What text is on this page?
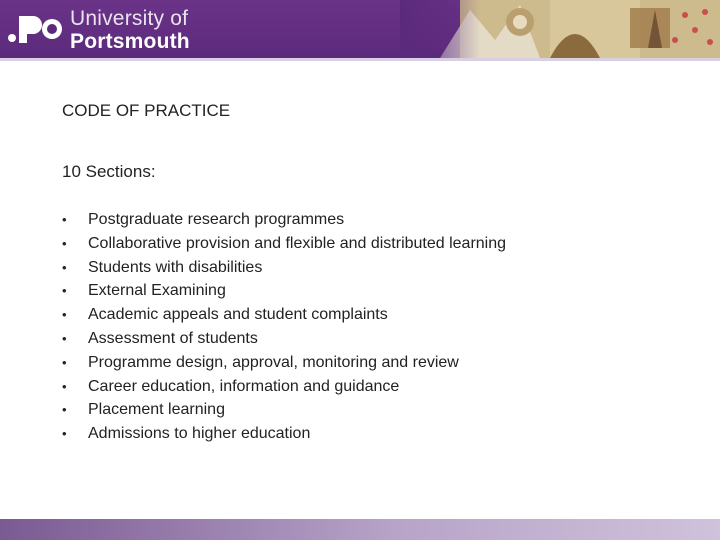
University of
Portsmouth
CODE OF PRACTICE
10 Sections:
• Postgraduate research programmes
• Collaborative provision and flexible and distributed learning
• Students with disabilities
• External Examining
• Academic appeals and student complaints
• Assessment of students
• Programme design, approval, monitoring and review
• Career education, information and guidance
• Placement learning
• Admissions to higher education
